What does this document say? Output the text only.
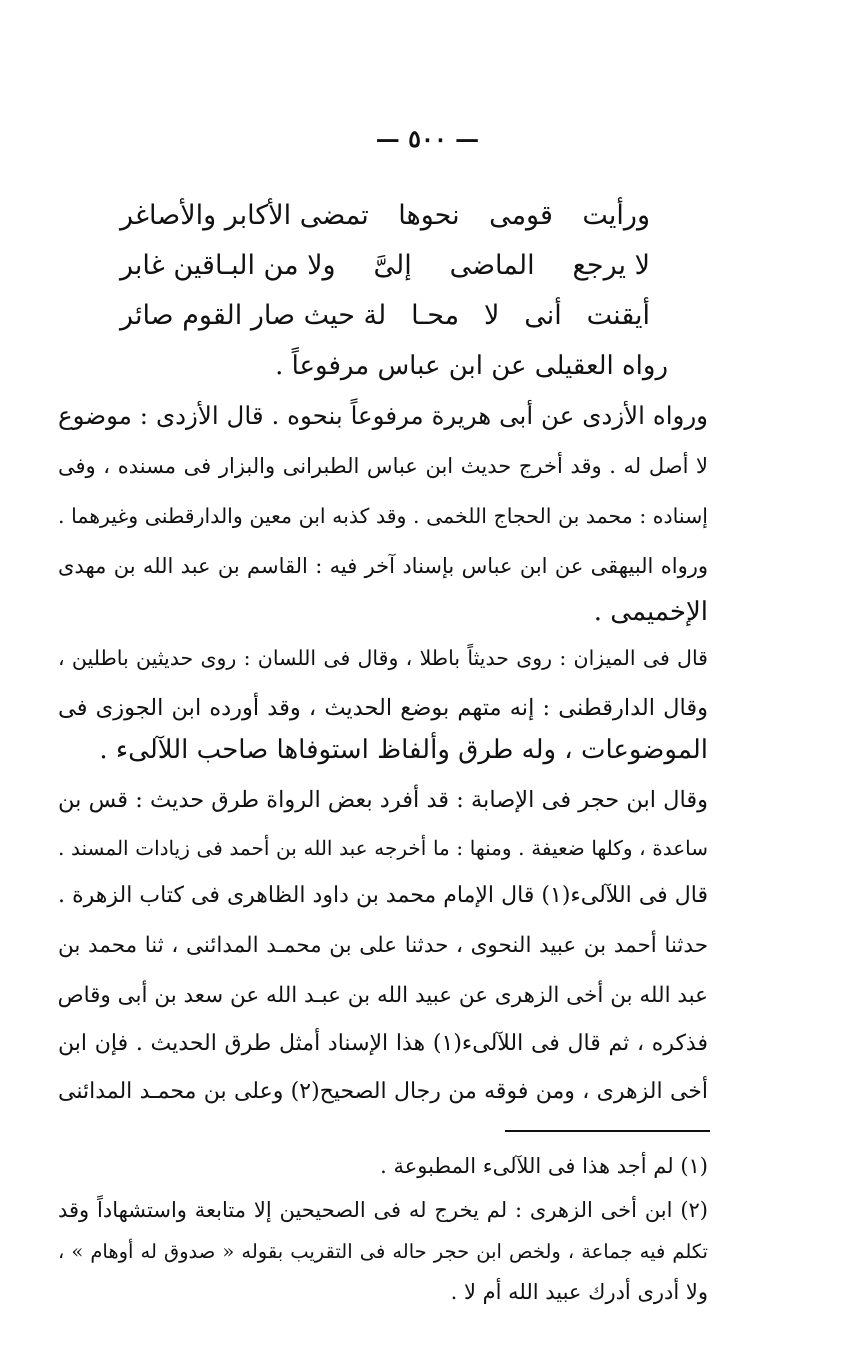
— ٥٠٠ —
ورأيت
قومى
نحوها
تمضى الأكابر والأصاغر
لا يرجع
الماضى
إلىَّ
ولا من البـاقين غابر
أيقنت
أنى
لا
محـا
لة حيث صار القوم صائر
رواه العقيلى عن ابن عباس مرفوعاً .
ورواه الأزدى عن أبى هريرة مرفوعاً بنحوه . قال الأزدى : موضوع
لا أصل له . وقد أخرج حديث ابن عباس الطبرانى والبزار فى مسنده ، وفى
إسناده : محمد بن الحجاج اللخمى . وقد كذبه ابن معين والدارقطنى وغيرهما .
ورواه البيهقى عن ابن عباس بإسناد آخر فيه : القاسم بن عبد الله بن مهدى
الإخميمى .
قال فى الميزان : روى حديثاً باطلا ، وقال فى اللسان : روى حديثين باطلين ،
وقال الدارقطنى : إنه متهم بوضع الحديث ، وقد أورده ابن الجوزى فى
الموضوعات ، وله طرق وألفاظ استوفاها صاحب اللآلىء .
وقال ابن حجر فى الإصابة : قد أفرد بعض الرواة طرق حديث : قس بن
ساعدة ، وكلها ضعيفة . ومنها : ما أخرجه عبد الله بن أحمد فى زيادات المسند .
قال فى اللآلىء(١) قال الإمام محمد بن داود الظاهرى فى كتاب الزهرة .
حدثنا أحمد بن عبيد النحوى ، حدثنا على بن محمـد المدائنى ، ثنا محمد بن
عبد الله بن أخى الزهرى عن عبيد الله بن عبـد الله عن سعد بن أبى وقاص
فذكره ، ثم قال فى اللآلىء(١) هذا الإسناد أمثل طرق الحديث . فإن ابن
أخى الزهرى ، ومن فوقه من رجال الصحيح(٢) وعلى بن محمـد المدائنى
(١) لم أجد هذا فى اللآلىء المطبوعة .
(٢) ابن أخى الزهرى : لم يخرج له فى الصحيحين إلا متابعة واستشهاداً وقد
تكلم فيه جماعة ، ولخص ابن حجر حاله فى التقريب بقوله « صدوق له أوهام » ،
ولا أدرى أدرك عبيد الله أم لا .
